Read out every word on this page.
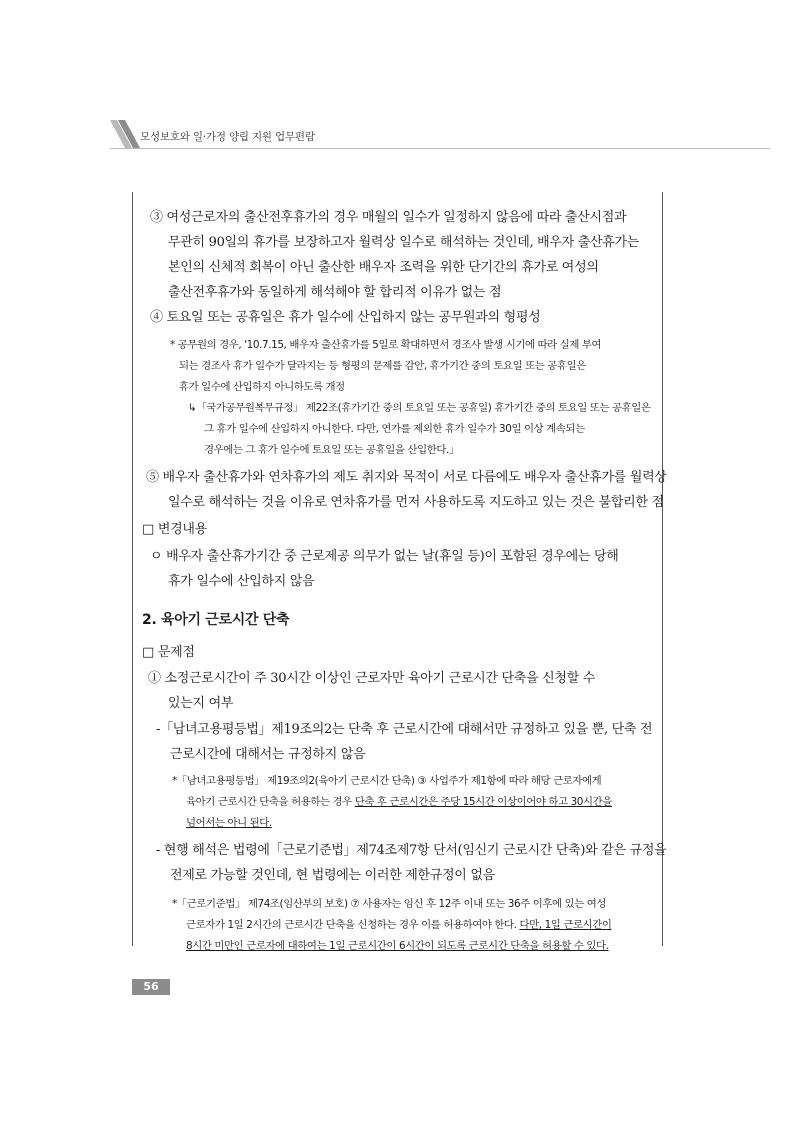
모성보호와 일·가정 양립 지원 업무편람
③ 여성근로자의 출산전후휴가의 경우 매월의 일수가 일정하지 않음에 따라 출산시점과
무관히 90일의 휴가를 보장하고자 월력상 일수로 해석하는 것인데, 배우자 출산휴가는
본인의 신체적 회복이 아닌 출산한 배우자 조력을 위한 단기간의 휴가로 여성의
출산전후휴가와 동일하게 해석해야 할 합리적 이유가 없는 점
④ 토요일 또는 공휴일은 휴가 일수에 산입하지 않는 공무원과의 형평성
* 공무원의 경우, '10.7.15, 배우자 출산휴가를 5일로 확대하면서 경조사 발생 시기에 따라 실제 부여
되는 경조사 휴가 일수가 달라지는 등 형평의 문제를 감안, 휴가기간 중의 토요일 또는 공휴일은
휴가 일수에 산입하지 아니하도록 개정
↳「국가공무원복무규정」 제22조(휴가기간 중의 토요일 또는 공휴일) 휴가기간 중의 토요일 또는 공휴일은
그 휴가 일수에 산입하지 아니한다. 다만, 연가를 제외한 휴가 일수가 30일 이상 계속되는
경우에는 그 휴가 일수에 토요일 또는 공휴일을 산입한다.」
⑤ 배우자 출산휴가와 연차휴가의 제도 취지와 목적이 서로 다름에도 배우자 출산휴가를 월력상
일수로 해석하는 것을 이유로 연차휴가를 먼저 사용하도록 지도하고 있는 것은 불합리한 점
□ 변경내용
ㅇ 배우자 출산휴가기간 중 근로제공 의무가 없는 날(휴일 등)이 포함된 경우에는 당해
휴가 일수에 산입하지 않음
2. 육아기 근로시간 단축
□ 문제점
① 소정근로시간이 주 30시간 이상인 근로자만 육아기 근로시간 단축을 신청할 수
있는지 여부
-「남녀고용평등법」제19조의2는 단축 후 근로시간에 대해서만 규정하고 있을 뿐, 단축 전
근로시간에 대해서는 규정하지 않음
*「남녀고용평등법」 제19조의2(육아기 근로시간 단축) ③ 사업주가 제1항에 따라 해당 근로자에게
육아기 근로시간 단축을 허용하는 경우 단축 후 근로시간은 주당 15시간 이상이어야 하고 30시간을
넘어서는 아니 된다.
- 현행 해석은 법령에「근로기준법」제74조제7항 단서(임신기 근로시간 단축)와 같은 규정을
전제로 가능할 것인데, 현 법령에는 이러한 제한규정이 없음
*「근로기준법」 제74조(임산부의 보호) ⑦ 사용자는 임신 후 12주 이내 또는 36주 이후에 있는 여성
근로자가 1일 2시간의 근로시간 단축을 신청하는 경우 이를 허용하여야 한다. 다만, 1일 근로시간이
8시간 미만인 근로자에 대하여는 1일 근로시간이 6시간이 되도록 근로시간 단축을 허용할 수 있다.
56
